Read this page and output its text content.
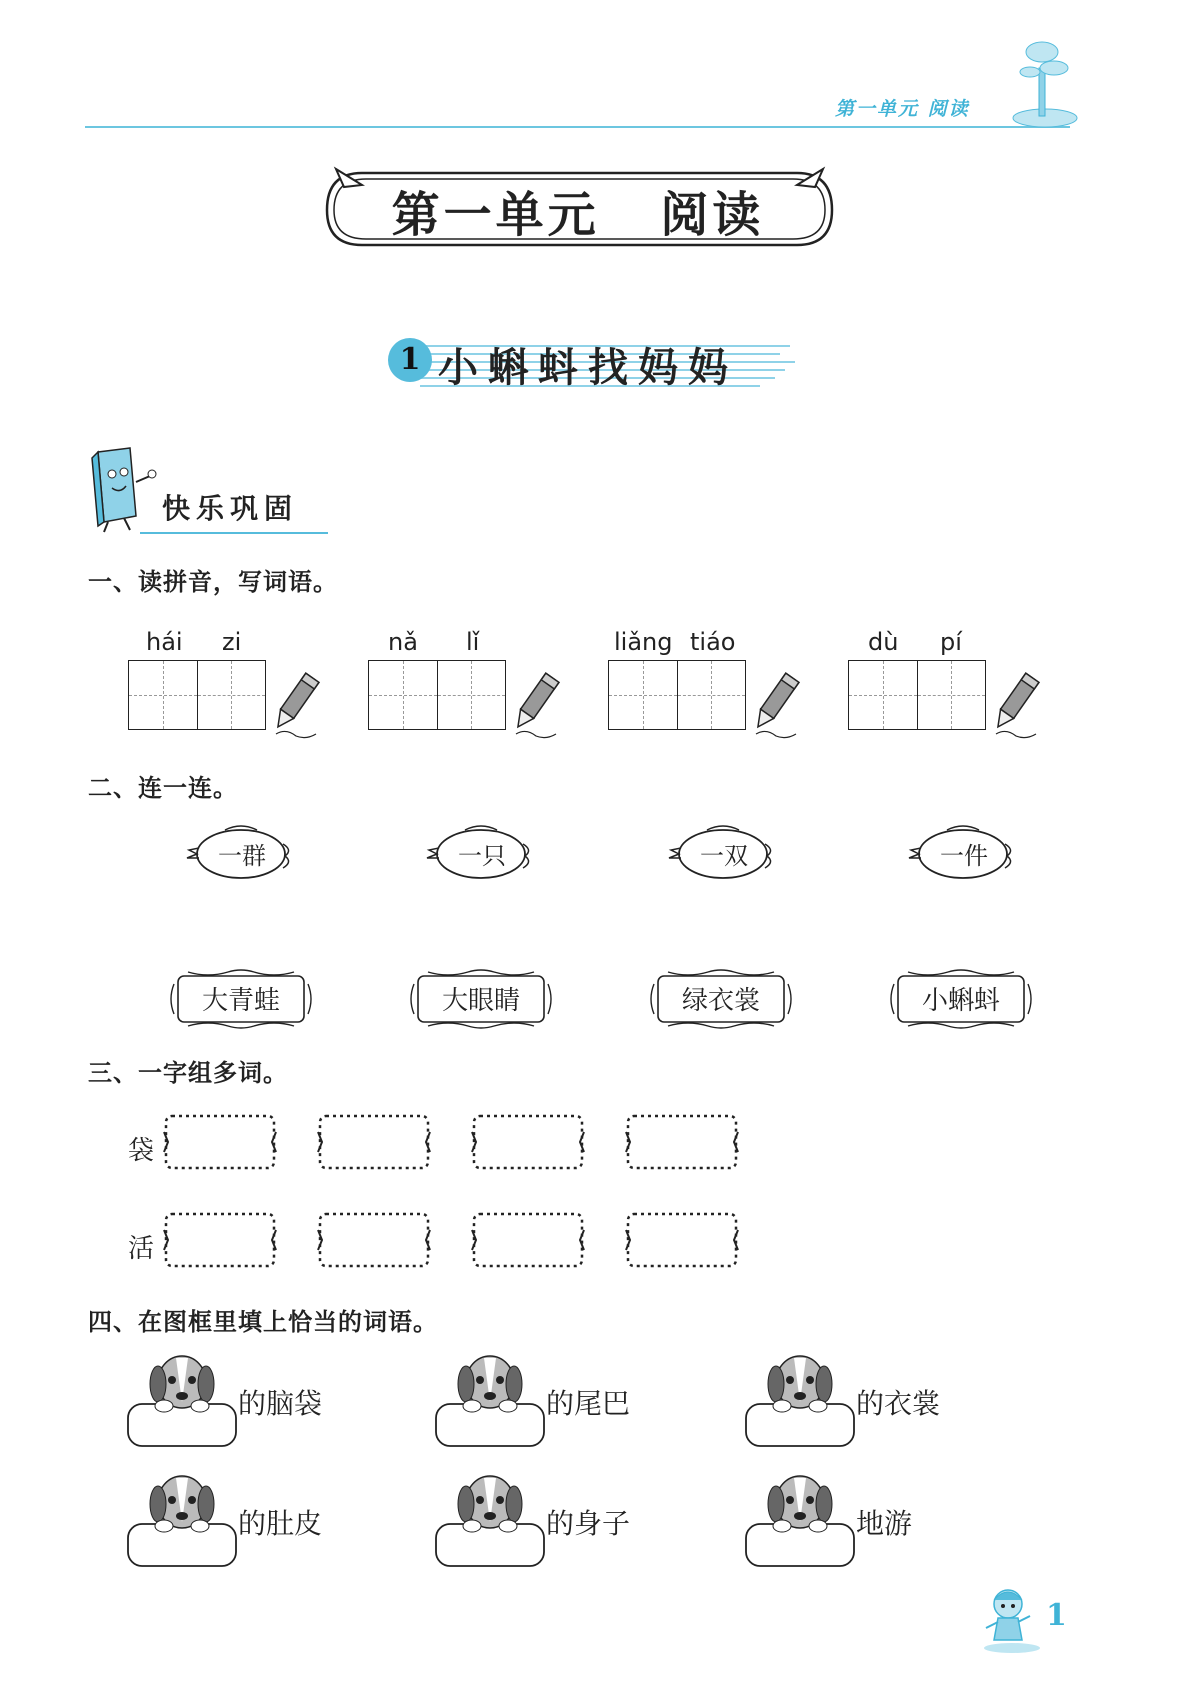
第一单元 阅读
第一单元 阅读
1 小蝌蚪找妈妈
快乐巩固
一、读拼音，写词语。
hái zi	nǎ lǐ	liǎng tiáo	dù pí
二、连一连。
一群	一只	一双	一件
大青蛙	大眼睛	绿衣裳	小蝌蚪
三、一字组多词。
袋
活
四、在图框里填上恰当的词语。
的脑袋	的尾巴	的衣裳
的肚皮	的身子	地游
1
